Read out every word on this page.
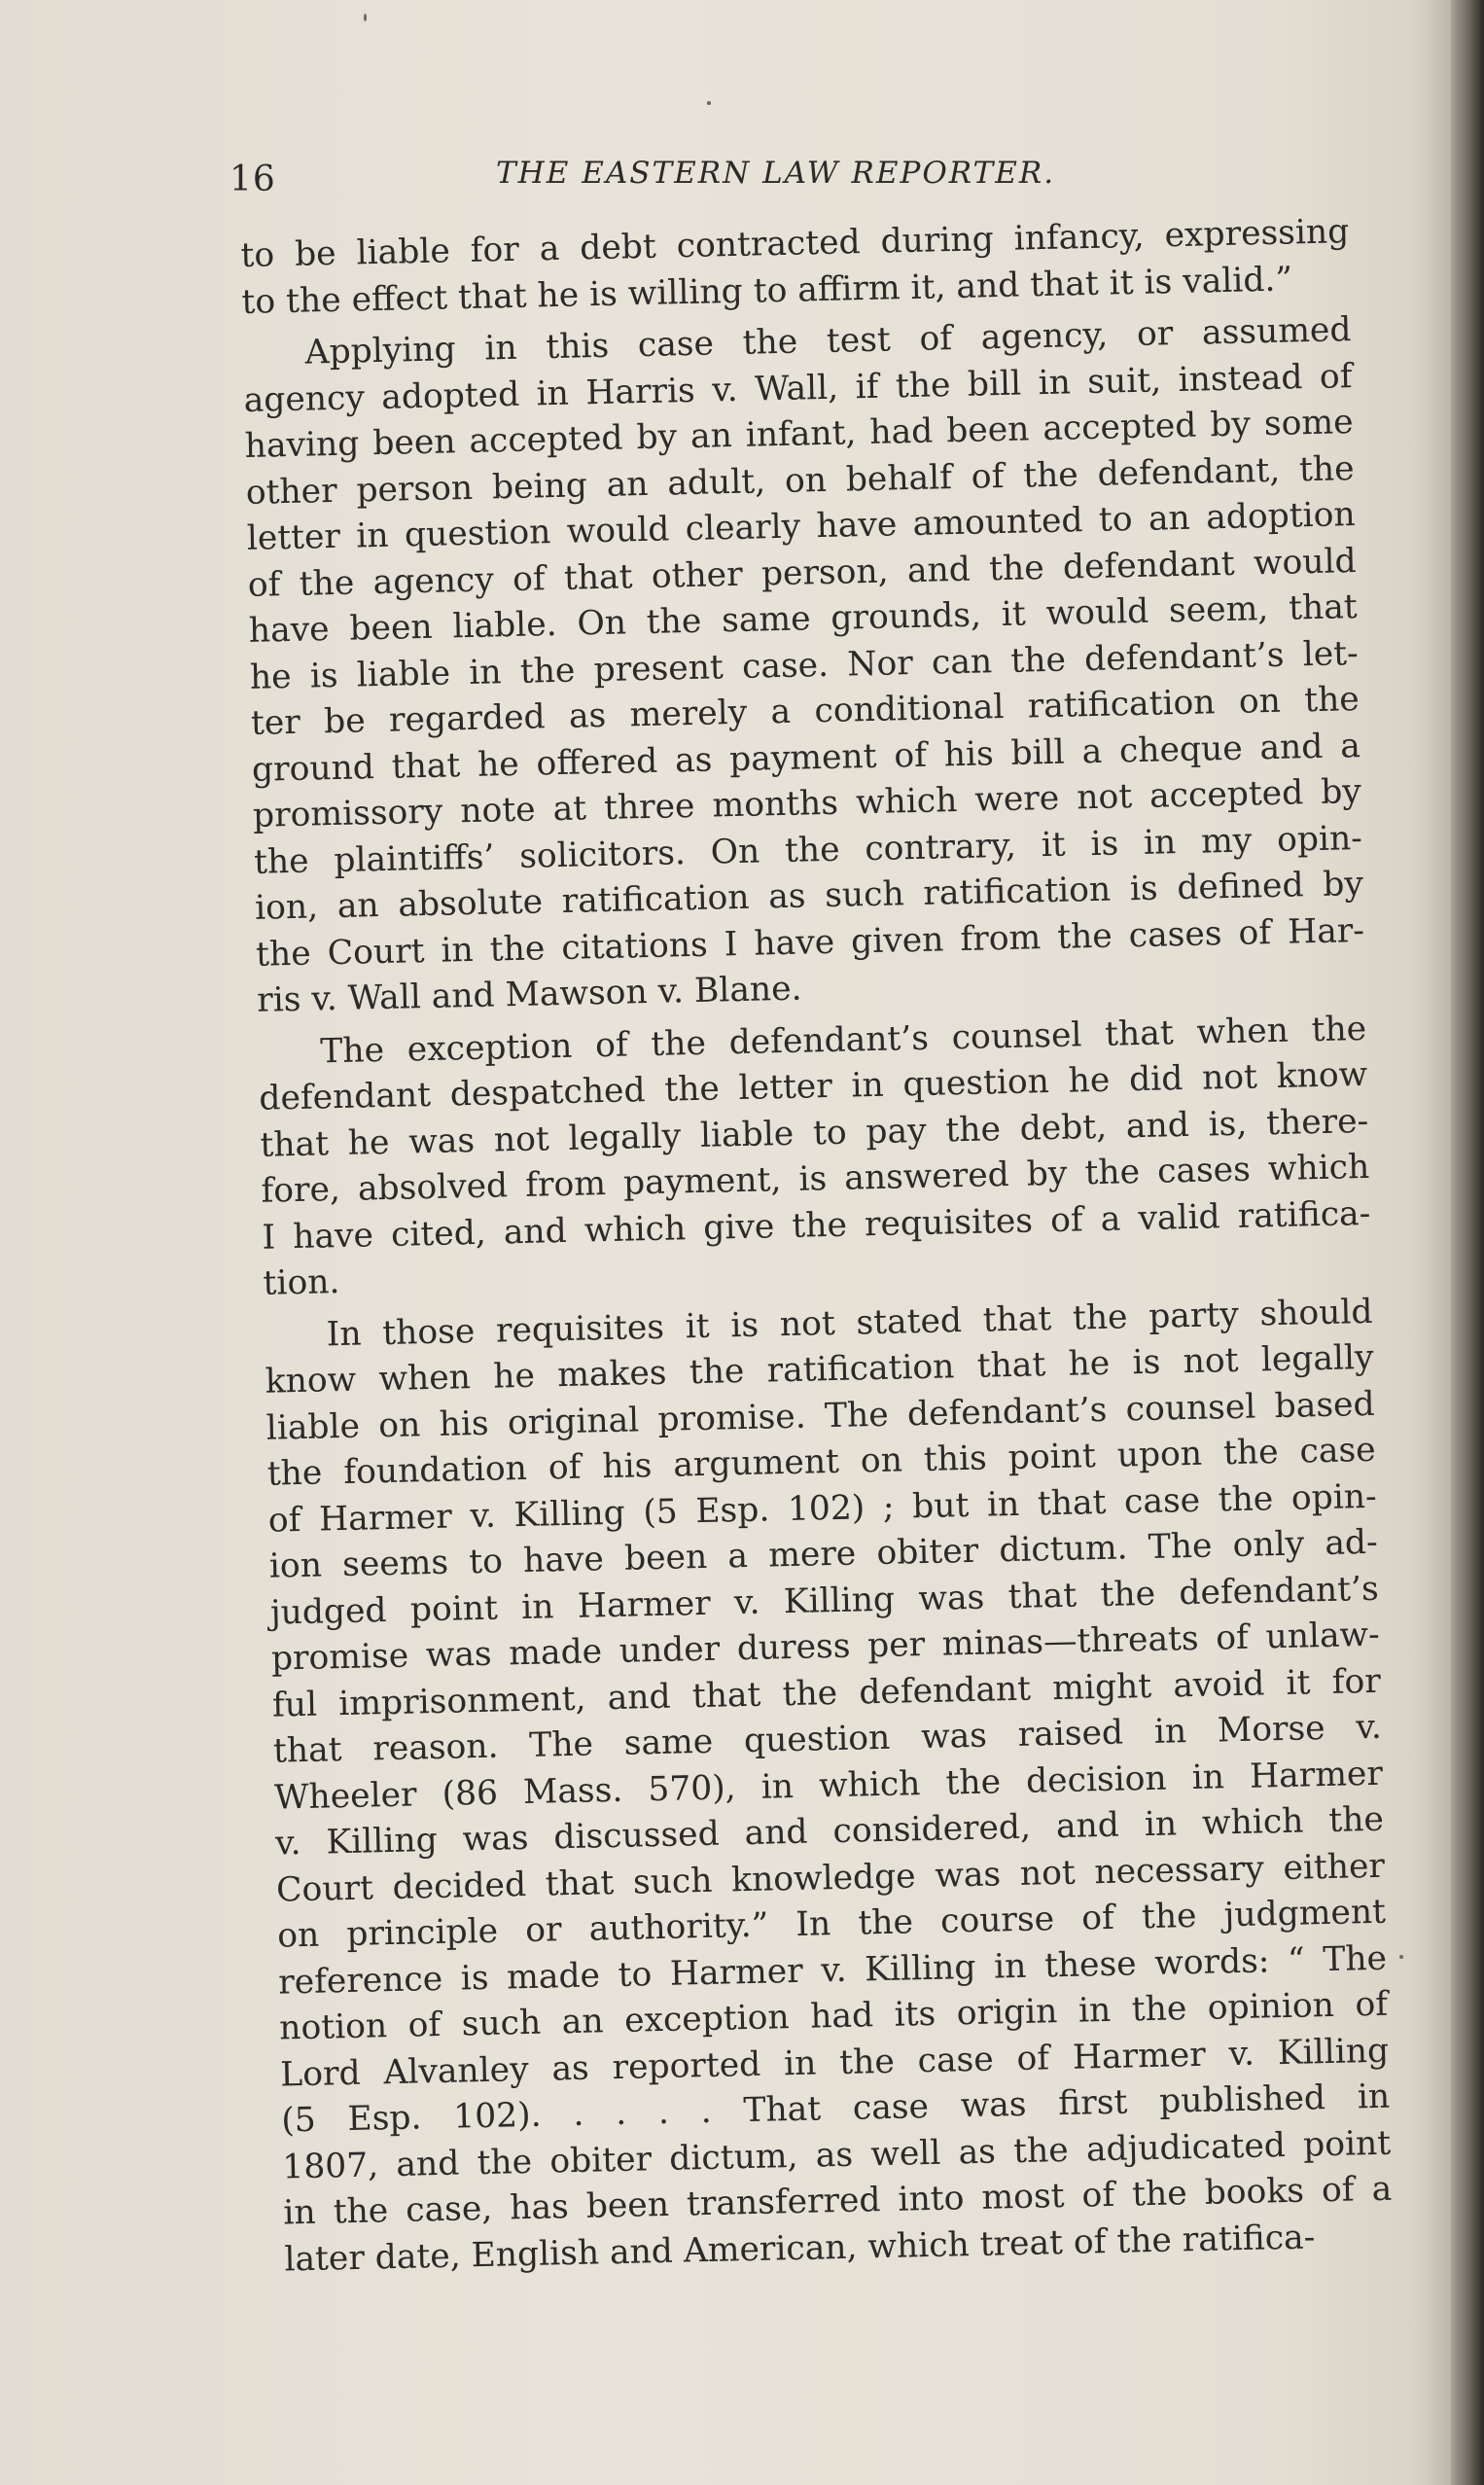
16	THE EASTERN LAW REPORTER.
to be liable for a debt contracted during infancy, expressing
to the effect that he is willing to affirm it, and that it is valid.”
Applying in this case the test of agency, or assumed
agency adopted in Harris v. Wall, if the bill in suit, instead of
having been accepted by an infant, had been accepted by some
other person being an adult, on behalf of the defendant, the
letter in question would clearly have amounted to an adoption
of the agency of that other person, and the defendant would
have been liable. On the same grounds, it would seem, that
he is liable in the present case. Nor can the defendant’s let-
ter be regarded as merely a conditional ratification on the
ground that he offered as payment of his bill a cheque and a
promissory note at three months which were not accepted by
the plaintiffs’ solicitors. On the contrary, it is in my opin-
ion, an absolute ratification as such ratification is defined by
the Court in the citations I have given from the cases of Har-
ris v. Wall and Mawson v. Blane.
The exception of the defendant’s counsel that when the
defendant despatched the letter in question he did not know
that he was not legally liable to pay the debt, and is, there-
fore, absolved from payment, is answered by the cases which
I have cited, and which give the requisites of a valid ratifica-
tion.
In those requisites it is not stated that the party should
know when he makes the ratification that he is not legally
liable on his original promise. The defendant’s counsel based
the foundation of his argument on this point upon the case
of Harmer v. Killing (5 Esp. 102) ; but in that case the opin-
ion seems to have been a mere obiter dictum. The only ad-
judged point in Harmer v. Killing was that the defendant’s
promise was made under duress per minas—threats of unlaw-
ful imprisonment, and that the defendant might avoid it for
that reason. The same question was raised in Morse v.
Wheeler (86 Mass. 570), in which the decision in Harmer
v. Killing was discussed and considered, and in which the
Court decided that such knowledge was not necessary either
on principle or authority.” In the course of the judgment
reference is made to Harmer v. Killing in these words: “ The
notion of such an exception had its origin in the opinion of
Lord Alvanley as reported in the case of Harmer v. Killing
(5 Esp. 102). . . . . That case was first published in
1807, and the obiter dictum, as well as the adjudicated point
in the case, has been transferred into most of the books of a
later date, English and American, which treat of the ratifica-
